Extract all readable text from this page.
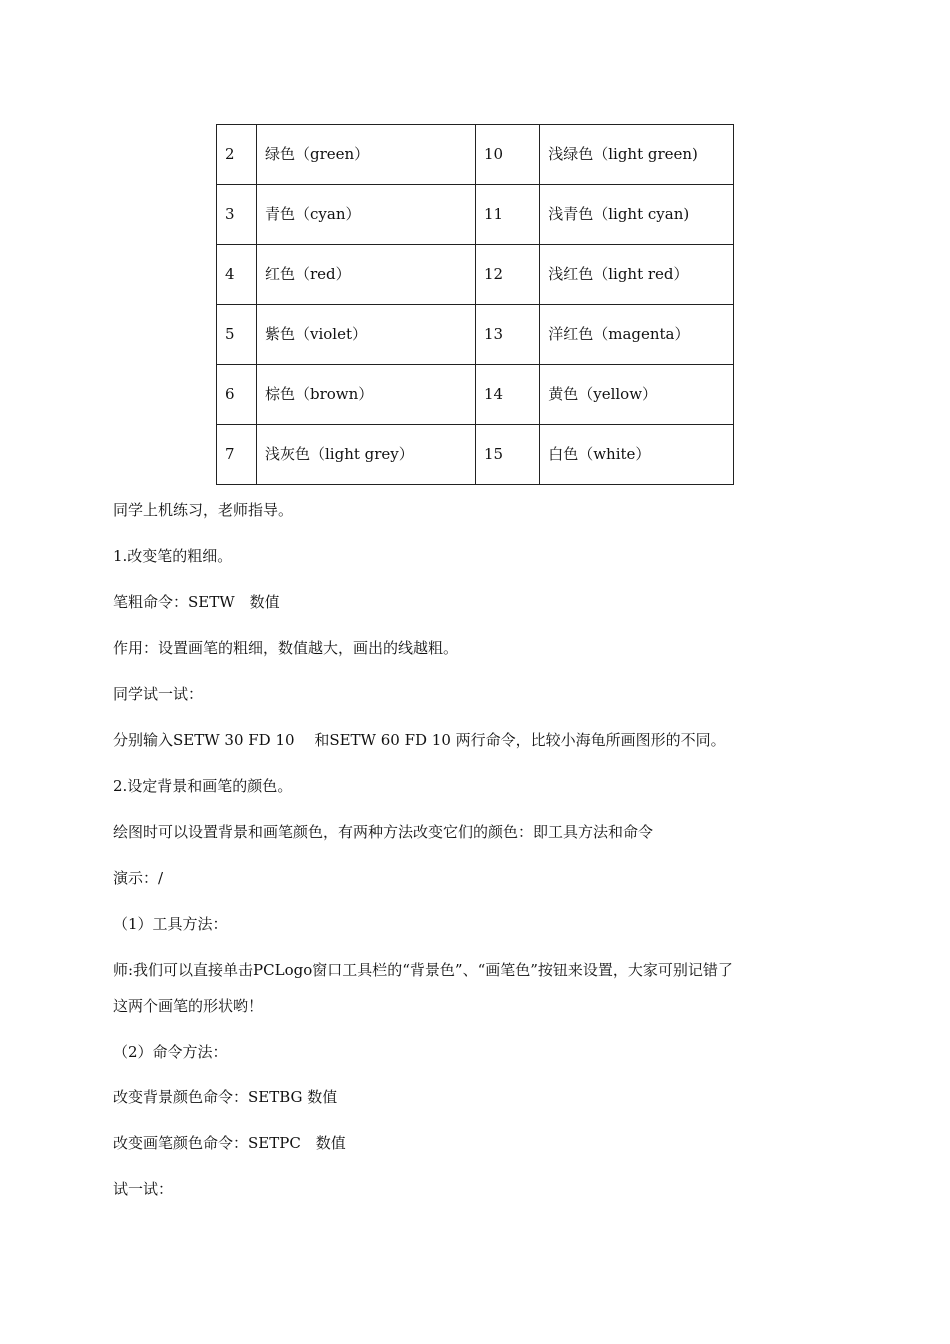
2	绿色（green）	10	浅绿色（light green)
3	青色（cyan）	11	浅青色（light cyan)
4	红色（red）	12	浅红色（light red）
5	紫色（violet）	13	洋红色（magenta）
6	棕色（brown）	14	黄色（yellow）
7	浅灰色（light grey）	15	白色（white）
同学上机练习，老师指导。
1.改变笔的粗细。
笔粗命令：SETW　数值
作用：设置画笔的粗细，数值越大，画出的线越粗。
同学试一试：
分别输入SETW 30 FD 10　 和SETW 60 FD 10 两行命令，比较小海龟所画图形的不同。
2.设定背景和画笔的颜色。
绘图时可以设置背景和画笔颜色，有两种方法改变它们的颜色：即工具方法和命令
演示：/
（1）工具方法：
师:我们可以直接单击PCLogo窗口工具栏的“背景色”、“画笔色”按钮来设置，大家可别记错了
这两个画笔的形状哟！
（2）命令方法：
改变背景颜色命令：SETBG 数值
改变画笔颜色命令：SETPC　数值
试一试：
